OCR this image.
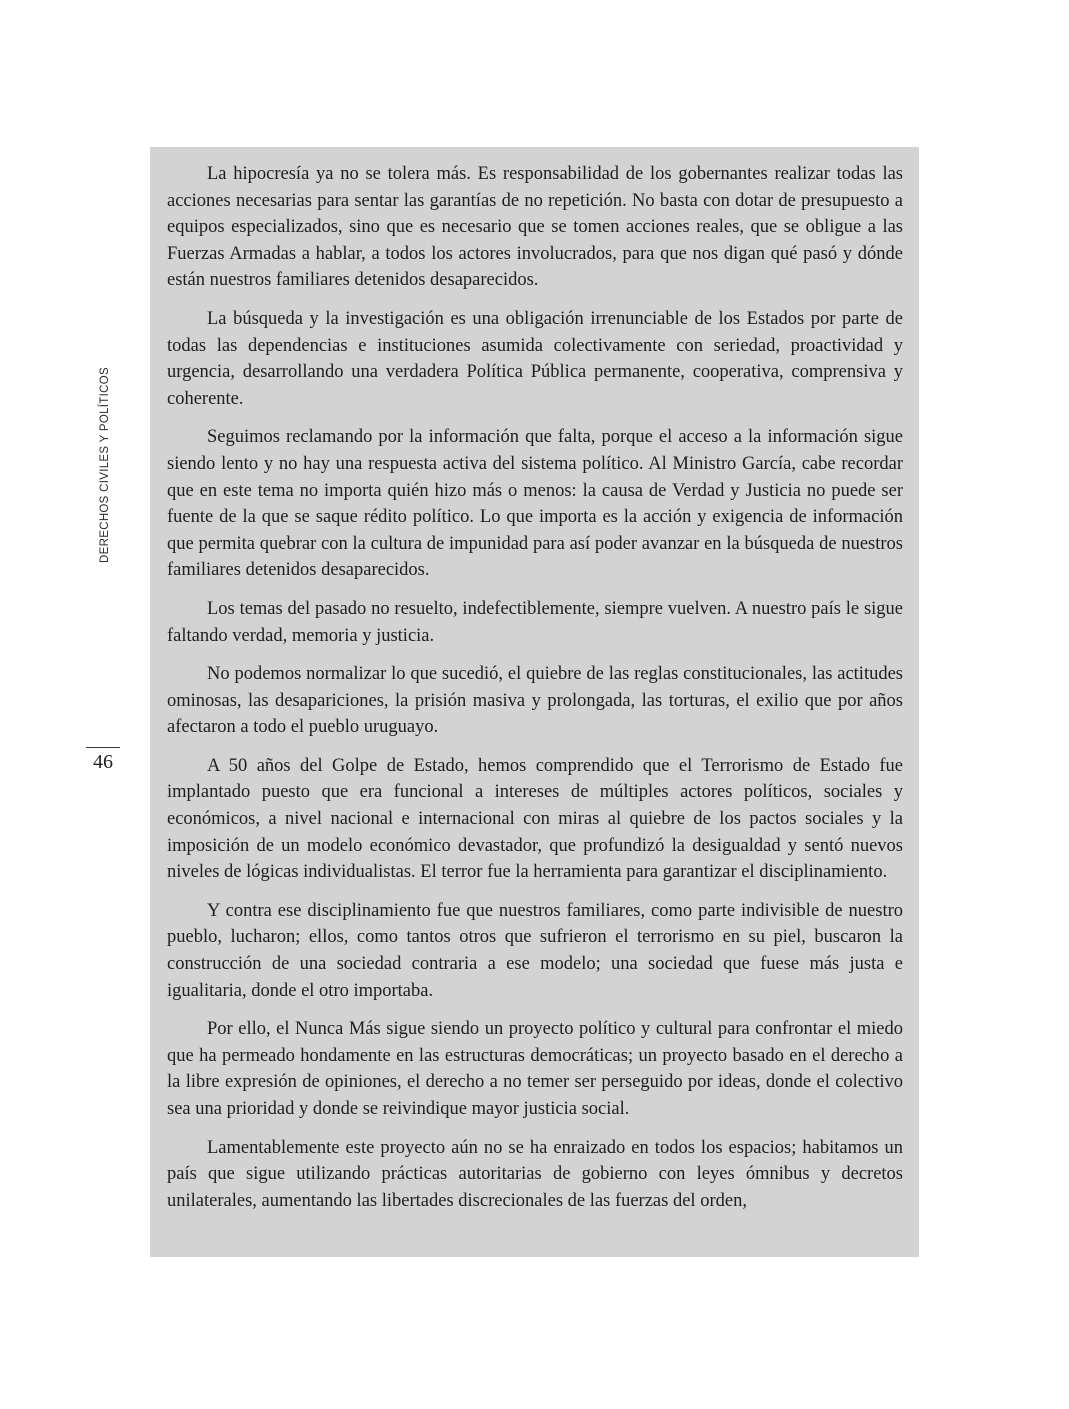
DERECHOS CIVILES Y POLÍTICOS
46

La hipocresía ya no se tolera más. Es responsabilidad de los gobernantes realizar todas las acciones necesarias para sentar las garantías de no repetición. No basta con dotar de presupuesto a equipos especializados, sino que es necesario que se tomen acciones reales, que se obligue a las Fuerzas Armadas a hablar, a todos los actores involucrados, para que nos digan qué pasó y dónde están nuestros familiares detenidos desaparecidos.

La búsqueda y la investigación es una obligación irrenunciable de los Estados por parte de todas las dependencias e instituciones asumida colectivamente con seriedad, proactividad y urgencia, desarrollando una verdadera Política Pública permanente, cooperativa, comprensiva y coherente.

Seguimos reclamando por la información que falta, porque el acceso a la información sigue siendo lento y no hay una respuesta activa del sistema político. Al Ministro García, cabe recordar que en este tema no importa quién hizo más o menos: la causa de Verdad y Justicia no puede ser fuente de la que se saque rédito político. Lo que importa es la acción y exigencia de información que permita quebrar con la cultura de impunidad para así poder avanzar en la búsqueda de nuestros familiares detenidos desaparecidos.

Los temas del pasado no resuelto, indefectiblemente, siempre vuelven. A nuestro país le sigue faltando verdad, memoria y justicia.

No podemos normalizar lo que sucedió, el quiebre de las reglas constitucionales, las actitudes ominosas, las desapariciones, la prisión masiva y prolongada, las torturas, el exilio que por años afectaron a todo el pueblo uruguayo.

A 50 años del Golpe de Estado, hemos comprendido que el Terrorismo de Estado fue implantado puesto que era funcional a intereses de múltiples actores políticos, sociales y económicos, a nivel nacional e internacional con miras al quiebre de los pactos sociales y la imposición de un modelo económico devastador, que profundizó la desigualdad y sentó nuevos niveles de lógicas individualistas. El terror fue la herramienta para garantizar el disciplinamiento.

Y contra ese disciplinamiento fue que nuestros familiares, como parte indivisible de nuestro pueblo, lucharon; ellos, como tantos otros que sufrieron el terrorismo en su piel, buscaron la construcción de una sociedad contraria a ese modelo; una sociedad que fuese más justa e igualitaria, donde el otro importaba.

Por ello, el Nunca Más sigue siendo un proyecto político y cultural para confrontar el miedo que ha permeado hondamente en las estructuras democráticas; un proyecto basado en el derecho a la libre expresión de opiniones, el derecho a no temer ser perseguido por ideas, donde el colectivo sea una prioridad y donde se reivindique mayor justicia social.

Lamentablemente este proyecto aún no se ha enraizado en todos los espacios; habitamos un país que sigue utilizando prácticas autoritarias de gobierno con leyes ómnibus y decretos unilaterales, aumentando las libertades discrecionales de las fuerzas del orden,
